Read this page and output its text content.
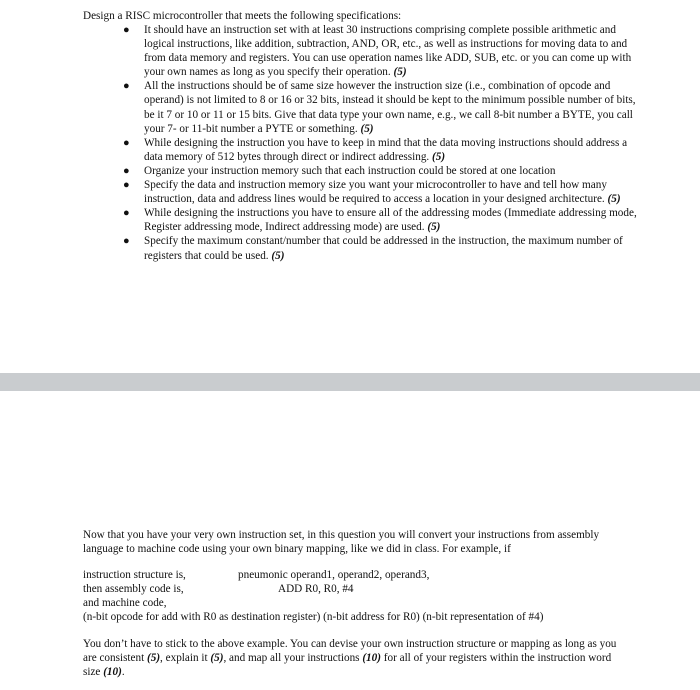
Design a RISC microcontroller that meets the following specifications:
● It should have an instruction set with at least 30 instructions comprising complete possible arithmetic and logical instructions, like addition, subtraction, AND, OR, etc., as well as instructions for moving data to and from data memory and registers. You can use operation names like ADD, SUB, etc. or you can come up with your own names as long as you specify their operation. (5)
● All the instructions should be of same size however the instruction size (i.e., combination of opcode and operand) is not limited to 8 or 16 or 32 bits, instead it should be kept to the minimum possible number of bits, be it 7 or 10 or 11 or 15 bits. Give that data type your own name, e.g., we call 8-bit number a BYTE, you call your 7- or 11-bit number a PYTE or something. (5)
● While designing the instruction you have to keep in mind that the data moving instructions should address a data memory of 512 bytes through direct or indirect addressing. (5)
● Organize your instruction memory such that each instruction could be stored at one location
● Specify the data and instruction memory size you want your microcontroller to have and tell how many instruction, data and address lines would be required to access a location in your designed architecture. (5)
● While designing the instructions you have to ensure all of the addressing modes (Immediate addressing mode, Register addressing mode, Indirect addressing mode) are used. (5)
● Specify the maximum constant/number that could be addressed in the instruction, the maximum number of registers that could be used. (5)
Now that you have your very own instruction set, in this question you will convert your instructions from assembly language to machine code using your own binary mapping, like we did in class. For example, if
instruction structure is,	pneumonic operand1, operand2, operand3,
then assembly code is,	ADD R0, R0, #4
and machine code,
(n-bit opcode for add with R0 as destination register) (n-bit address for R0) (n-bit representation of #4)
You don’t have to stick to the above example. You can devise your own instruction structure or mapping as long as you are consistent (5), explain it (5), and map all your instructions (10) for all of your registers within the instruction word size (10).
